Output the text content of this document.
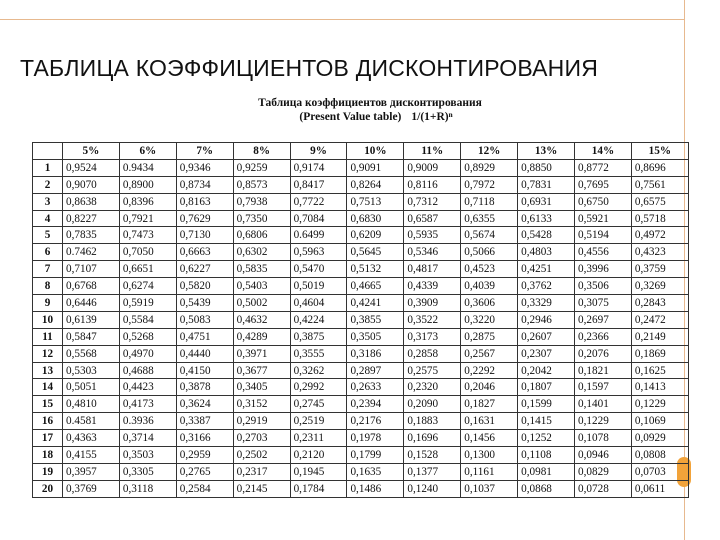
ТАБЛИЦА КОЭФФИЦИЕНТОВ ДИСКОНТИРОВАНИЯ
Таблица коэффициентов дисконтирования
(Present Value table) 1/(1+R)ⁿ
	5%	6%	7%	8%	9%	10%	11%	12%	13%	14%	15%
1	0,9524	0.9434	0,9346	0,9259	0,9174	0,9091	0,9009	0,8929	0,8850	0,8772	0,8696
2	0,9070	0,8900	0,8734	0,8573	0,8417	0,8264	0,8116	0,7972	0,7831	0,7695	0,7561
3	0,8638	0,8396	0,8163	0,7938	0,7722	0,7513	0,7312	0,7118	0,6931	0,6750	0,6575
4	0,8227	0,7921	0,7629	0,7350	0,7084	0,6830	0,6587	0,6355	0,6133	0,5921	0,5718
5	0,7835	0,7473	0,7130	0,6806	0.6499	0,6209	0,5935	0,5674	0,5428	0,5194	0,4972
6	0.7462	0,7050	0,6663	0,6302	0,5963	0,5645	0,5346	0,5066	0,4803	0,4556	0,4323
7	0,7107	0,6651	0,6227	0,5835	0,5470	0,5132	0,4817	0,4523	0,4251	0,3996	0,3759
8	0,6768	0,6274	0,5820	0,5403	0,5019	0,4665	0,4339	0,4039	0,3762	0,3506	0,3269
9	0,6446	0,5919	0,5439	0,5002	0,4604	0,4241	0,3909	0,3606	0,3329	0,3075	0,2843
10	0,6139	0,5584	0,5083	0,4632	0,4224	0,3855	0,3522	0,3220	0,2946	0,2697	0,2472
11	0,5847	0,5268	0,4751	0,4289	0,3875	0,3505	0,3173	0,2875	0,2607	0,2366	0,2149
12	0,5568	0,4970	0,4440	0,3971	0,3555	0,3186	0,2858	0,2567	0,2307	0,2076	0,1869
13	0,5303	0,4688	0,4150	0,3677	0,3262	0,2897	0,2575	0,2292	0,2042	0,1821	0,1625
14	0,5051	0,4423	0,3878	0,3405	0,2992	0,2633	0,2320	0,2046	0,1807	0,1597	0,1413
15	0,4810	0,4173	0,3624	0,3152	0,2745	0,2394	0,2090	0,1827	0,1599	0,1401	0,1229
16	0.4581	0.3936	0,3387	0,2919	0,2519	0,2176	0,1883	0,1631	0,1415	0,1229	0,1069
17	0,4363	0,3714	0,3166	0,2703	0,2311	0,1978	0,1696	0,1456	0,1252	0,1078	0,0929
18	0,4155	0,3503	0,2959	0,2502	0,2120	0,1799	0,1528	0,1300	0,1108	0,0946	0,0808
19	0,3957	0,3305	0,2765	0,2317	0,1945	0,1635	0,1377	0,1161	0,0981	0,0829	0,0703
20	0,3769	0,3118	0,2584	0,2145	0,1784	0,1486	0,1240	0,1037	0,0868	0,0728	0,0611
